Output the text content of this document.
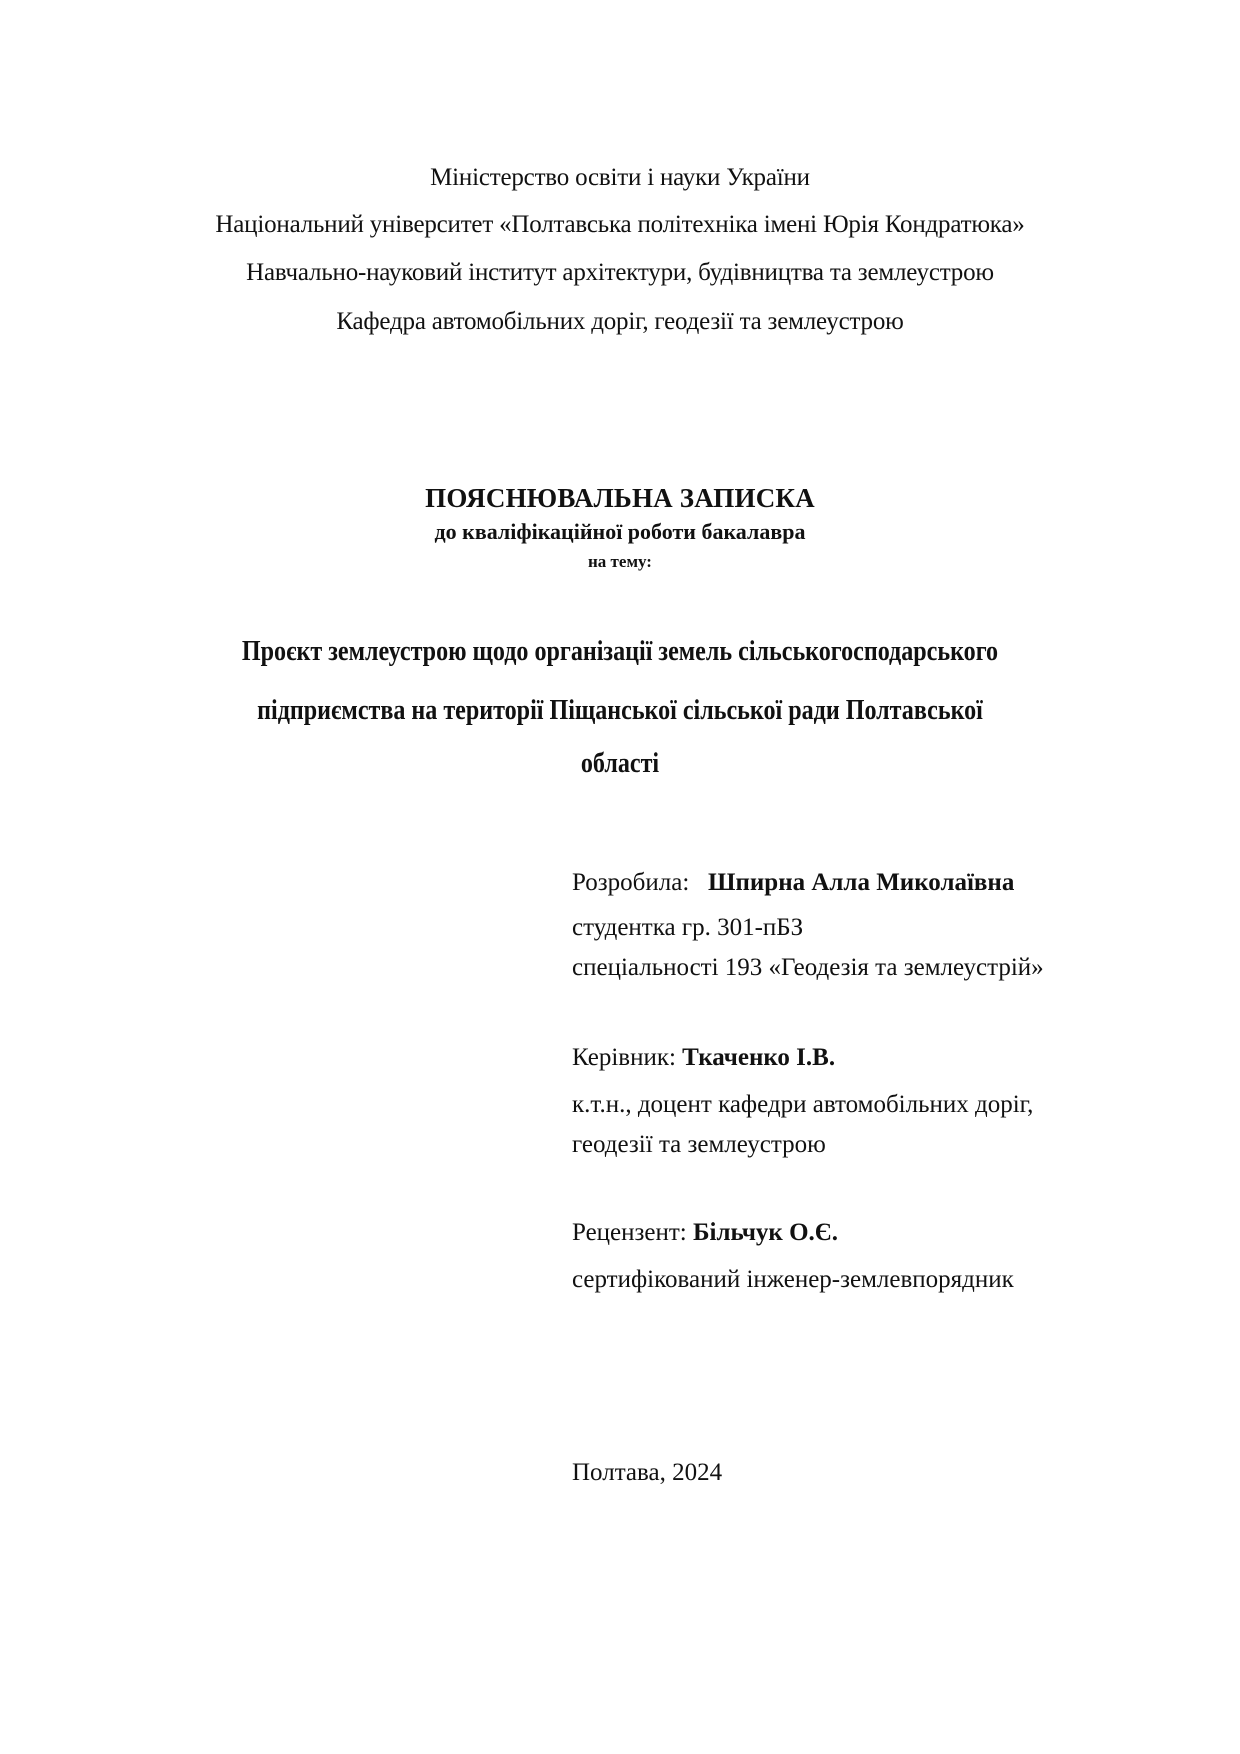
Міністерство освіти і науки України
Національний університет «Полтавська політехніка імені Юрія Кондратюка»
Навчально-науковий інститут архітектури, будівництва та землеустрою
Кафедра автомобільних доріг, геодезії та землеустрою
ПОЯСНЮВАЛЬНА ЗАПИСКА
до кваліфікаційної роботи бакалавра
на тему:
Проєкт землеустрою щодо організації земель сільськогосподарського
підприємства на території Піщанської сільської ради Полтавської
області
Розробила: Шпирна Алла Миколаївна
студентка гр. 301-пБЗ
спеціальності 193 «Геодезія та землеустрій»
Керівник: Ткаченко І.В.
к.т.н., доцент кафедри автомобільних доріг,
геодезії та землеустрою
Рецензент: Більчук О.Є.
сертифікований інженер-землевпорядник
Полтава, 2024
